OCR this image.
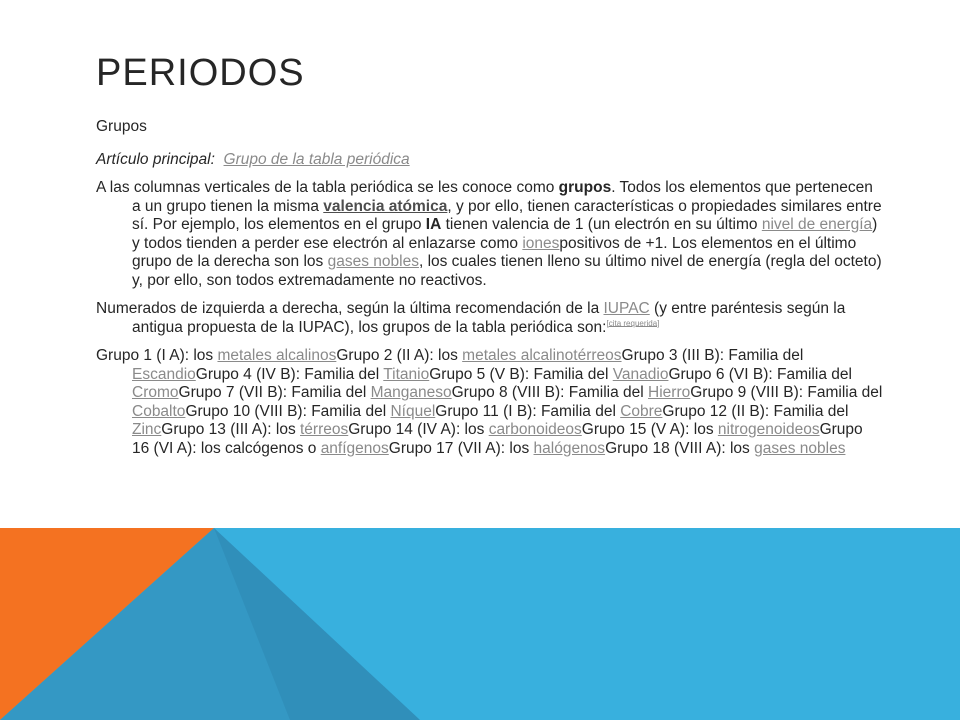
PERIODOS
Grupos
Artículo principal: Grupo de la tabla periódica
A las columnas verticales de la tabla periódica se les conoce como grupos. Todos los elementos que pertenecen a un grupo tienen la misma valencia atómica, y por ello, tienen características o propiedades similares entre sí. Por ejemplo, los elementos en el grupo IA tienen valencia de 1 (un electrón en su último nivel de energía) y todos tienden a perder ese electrón al enlazarse como ionespositivos de +1. Los elementos en el último grupo de la derecha son los gases nobles, los cuales tienen lleno su último nivel de energía (regla del octeto) y, por ello, son todos extremadamente no reactivos.
Numerados de izquierda a derecha, según la última recomendación de la IUPAC (y entre paréntesis según la antigua propuesta de la IUPAC), los grupos de la tabla periódica son:[cita requerida]
Grupo 1 (I A): los metales alcalinosGrupo 2 (II A): los metales alcalinotérreosGrupo 3 (III B): Familia del EscandioGrupo 4 (IV B): Familia del TitanioGrupo 5 (V B): Familia del VanadioGrupo 6 (VI B): Familia del CromoGrupo 7 (VII B): Familia del ManganesoGrupo 8 (VIII B): Familia del HierroGrupo 9 (VIII B): Familia del CobaltoGrupo 10 (VIII B): Familia del NíquelGrupo 11 (I B): Familia del CobreGrupo 12 (II B): Familia del ZincGrupo 13 (III A): los térreosGrupo 14 (IV A): los carbonoideosGrupo 15 (V A): los nitrogenoideosGrupo 16 (VI A): los calcógenos o anfígenosGrupo 17 (VII A): los halógenosGrupo 18 (VIII A): los gases nobles
